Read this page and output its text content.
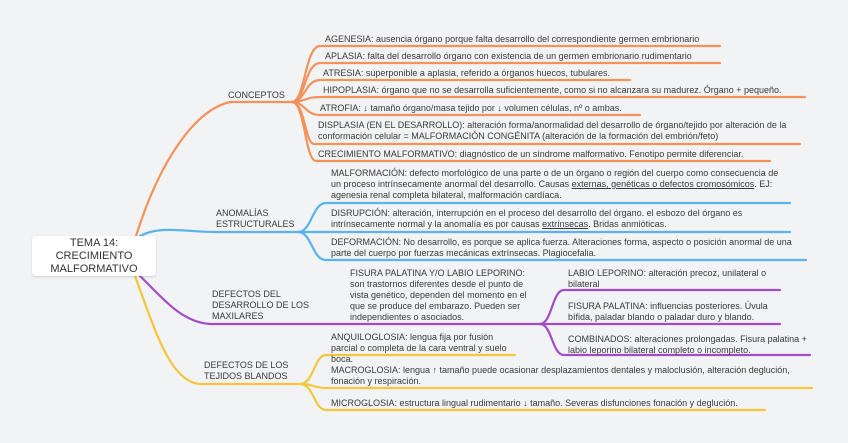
TEMA 14: CRECIMIENTO MALFORMATIVO
CONCEPTOS
AGENESIA: ausencia órgano porque falta desarrollo del correspondiente germen embrionario
APLASIA: falta del desarrollo órgano con existencia de un germen embrionario rudimentario
ATRESIA: superponible a aplasia, referido a órganos huecos, tubulares.
HIPOPLASIA: órgano que no se desarrolla suficientemente, como si no alcanzara su madurez. Órgano + pequeño.
ATROFIA: ↓ tamaño órgano/masa tejido por ↓ volumen células, nº o ambas.
DISPLASIA (EN EL DESARROLLO): alteración forma/anormalidad del desarrollo de órgano/tejido por alteración de la conformación celular = MALFORMACIÓN CONGÉNITA (alteración de la formación del embrión/feto)
CRECIMIENTO MALFORMATIVO: diagnóstico de un síndrome malformativo. Fenotipo permite diferenciar.
ANOMALÍAS ESTRUCTURALES
MALFORMACIÓN: defecto morfológico de una parte o de un órgano o región del cuerpo como consecuencia de un proceso intrínsecamente anormal del desarrollo. Causas externas, genéticas o defectos cromosómicos. EJ: agenesia renal completa bilateral, malformación cardíaca.
DISRUPCIÓN: alteración, interrupción en el proceso del desarrollo del órgano. el esbozo del órgano es intrínsecamente normal y la anomalía es por causas extrínsecas. Bridas anmióticas.
DEFORMACIÓN: No desarrollo, es porque se aplica fuerza. Alteraciones forma, aspecto o posición anormal de una parte del cuerpo por fuerzas mecánicas extrínsecas. Plagiocefalia.
DEFECTOS DEL DESARROLLO DE LOS MAXILARES
FISURA PALATINA Y/O LABIO LEPORINO: son trastornos diferentes desde el punto de vista genético, dependen del momento en el que se produce del embarazo. Pueden ser independientes o asociados.
LABIO LEPORINO: alteración precoz, unilateral o bilateral
FISURA PALATINA: influencias posteriores. Úvula bífida, paladar blando o paladar duro y blando.
COMBINADOS: alteraciones prolongadas. Fisura palatina + labio leporino bilateral completo o incompleto.
DEFECTOS DE LOS TEJIDOS BLANDOS
ANQUILOGLOSIA: lengua fija por fusión parcial o completa de la cara ventral y suelo boca.
MACROGLOSIA: lengua ↑ tamaño puede ocasionar desplazamientos dentales y maloclusión, alteración deglución, fonación y respiración.
MICROGLOSIA: estructura lingual rudimentario ↓ tamaño. Severas disfunciones fonación y deglución.
